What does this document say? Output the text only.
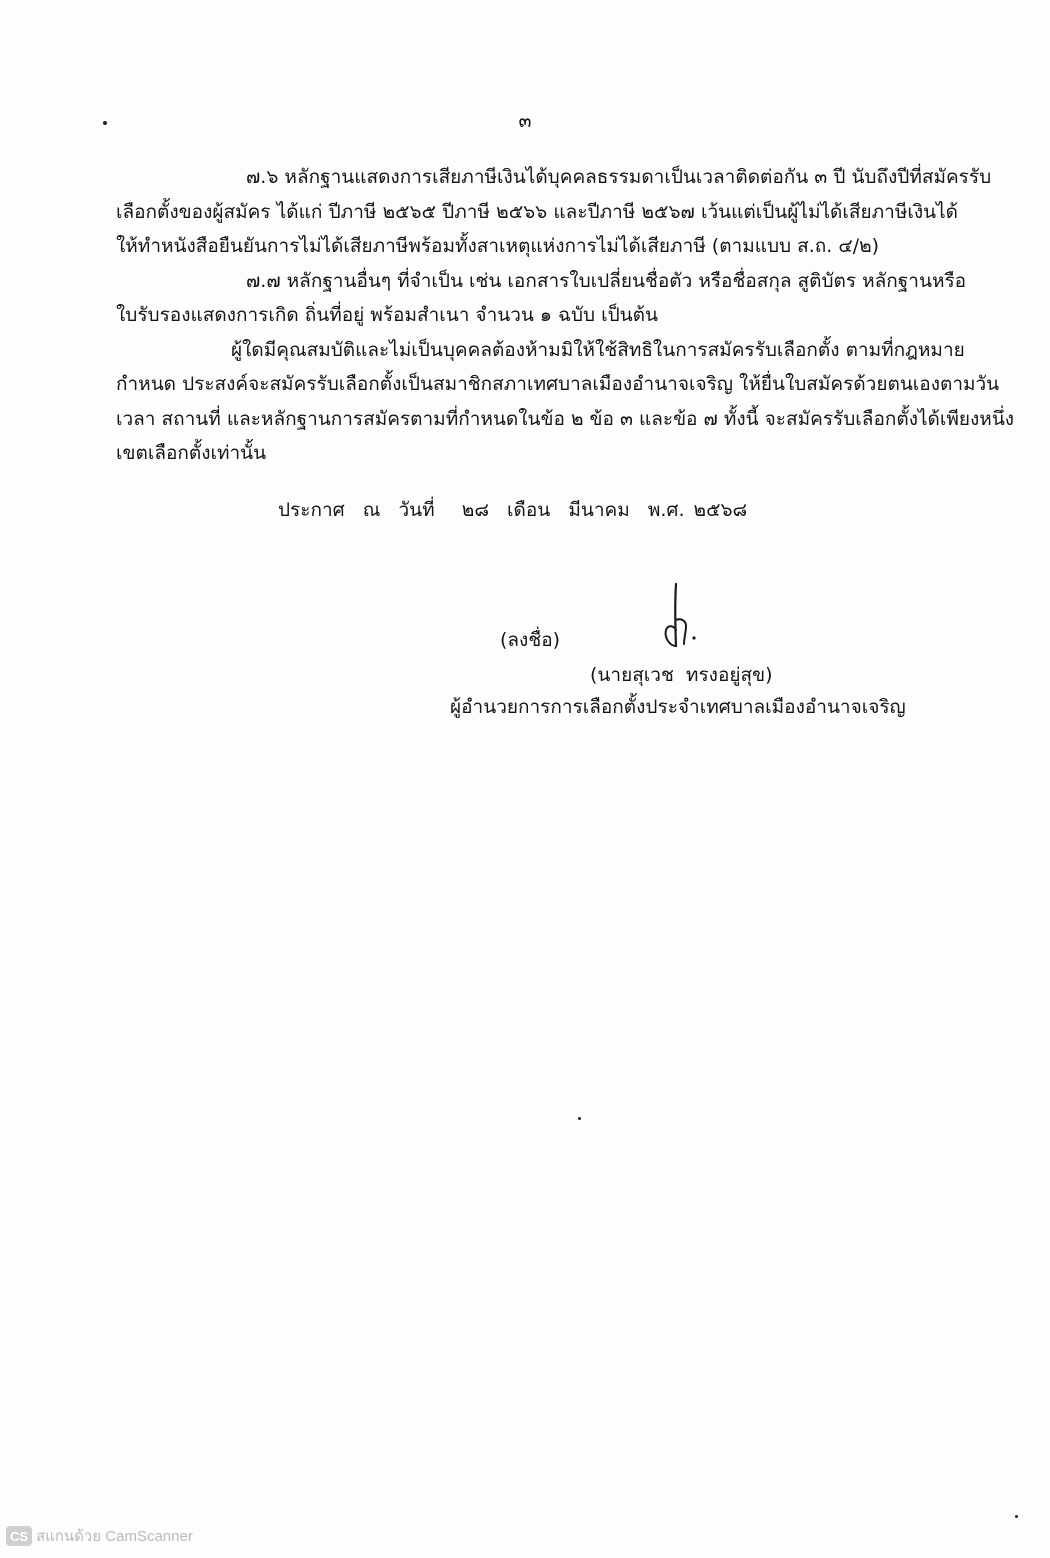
๓
๗.๖ หลักฐานแสดงการเสียภาษีเงินได้บุคคลธรรมดาเป็นเวลาติดต่อกัน ๓ ปี นับถึงปีที่สมัครรับ
เลือกตั้งของผู้สมัคร ได้แก่ ปีภาษี ๒๕๖๕ ปีภาษี ๒๕๖๖ และปีภาษี ๒๕๖๗ เว้นแต่เป็นผู้ไม่ได้เสียภาษีเงินได้
ให้ทำหนังสือยืนยันการไม่ได้เสียภาษีพร้อมทั้งสาเหตุแห่งการไม่ได้เสียภาษี (ตามแบบ ส.ถ. ๔/๒)
๗.๗ หลักฐานอื่นๆ ที่จำเป็น เช่น เอกสารใบเปลี่ยนชื่อตัว หรือชื่อสกุล สูติบัตร หลักฐานหรือ
ใบรับรองแสดงการเกิด ถิ่นที่อยู่ พร้อมสำเนา จำนวน ๑ ฉบับ เป็นต้น
ผู้ใดมีคุณสมบัติและไม่เป็นบุคคลต้องห้ามมิให้ใช้สิทธิในการสมัครรับเลือกตั้ง ตามที่กฎหมาย
กำหนด ประสงค์จะสมัครรับเลือกตั้งเป็นสมาชิกสภาเทศบาลเมืองอำนาจเจริญ ให้ยื่นใบสมัครด้วยตนเองตามวัน
เวลา สถานที่ และหลักฐานการสมัครตามที่กำหนดในข้อ ๒ ข้อ ๓ และข้อ ๗ ทั้งนี้ จะสมัครรับเลือกตั้งได้เพียงหนึ่ง
เขตเลือกตั้งเท่านั้น
ประกาศ  ณ  วันที่   ๒๘  เดือน  มีนาคม  พ.ศ. ๒๕๖๘
(ลงชื่อ)
(นายสุเวช  ทรงอยู่สุข)
ผู้อำนวยการการเลือกตั้งประจำเทศบาลเมืองอำนาจเจริญ
CS สแกนด้วย CamScanner
